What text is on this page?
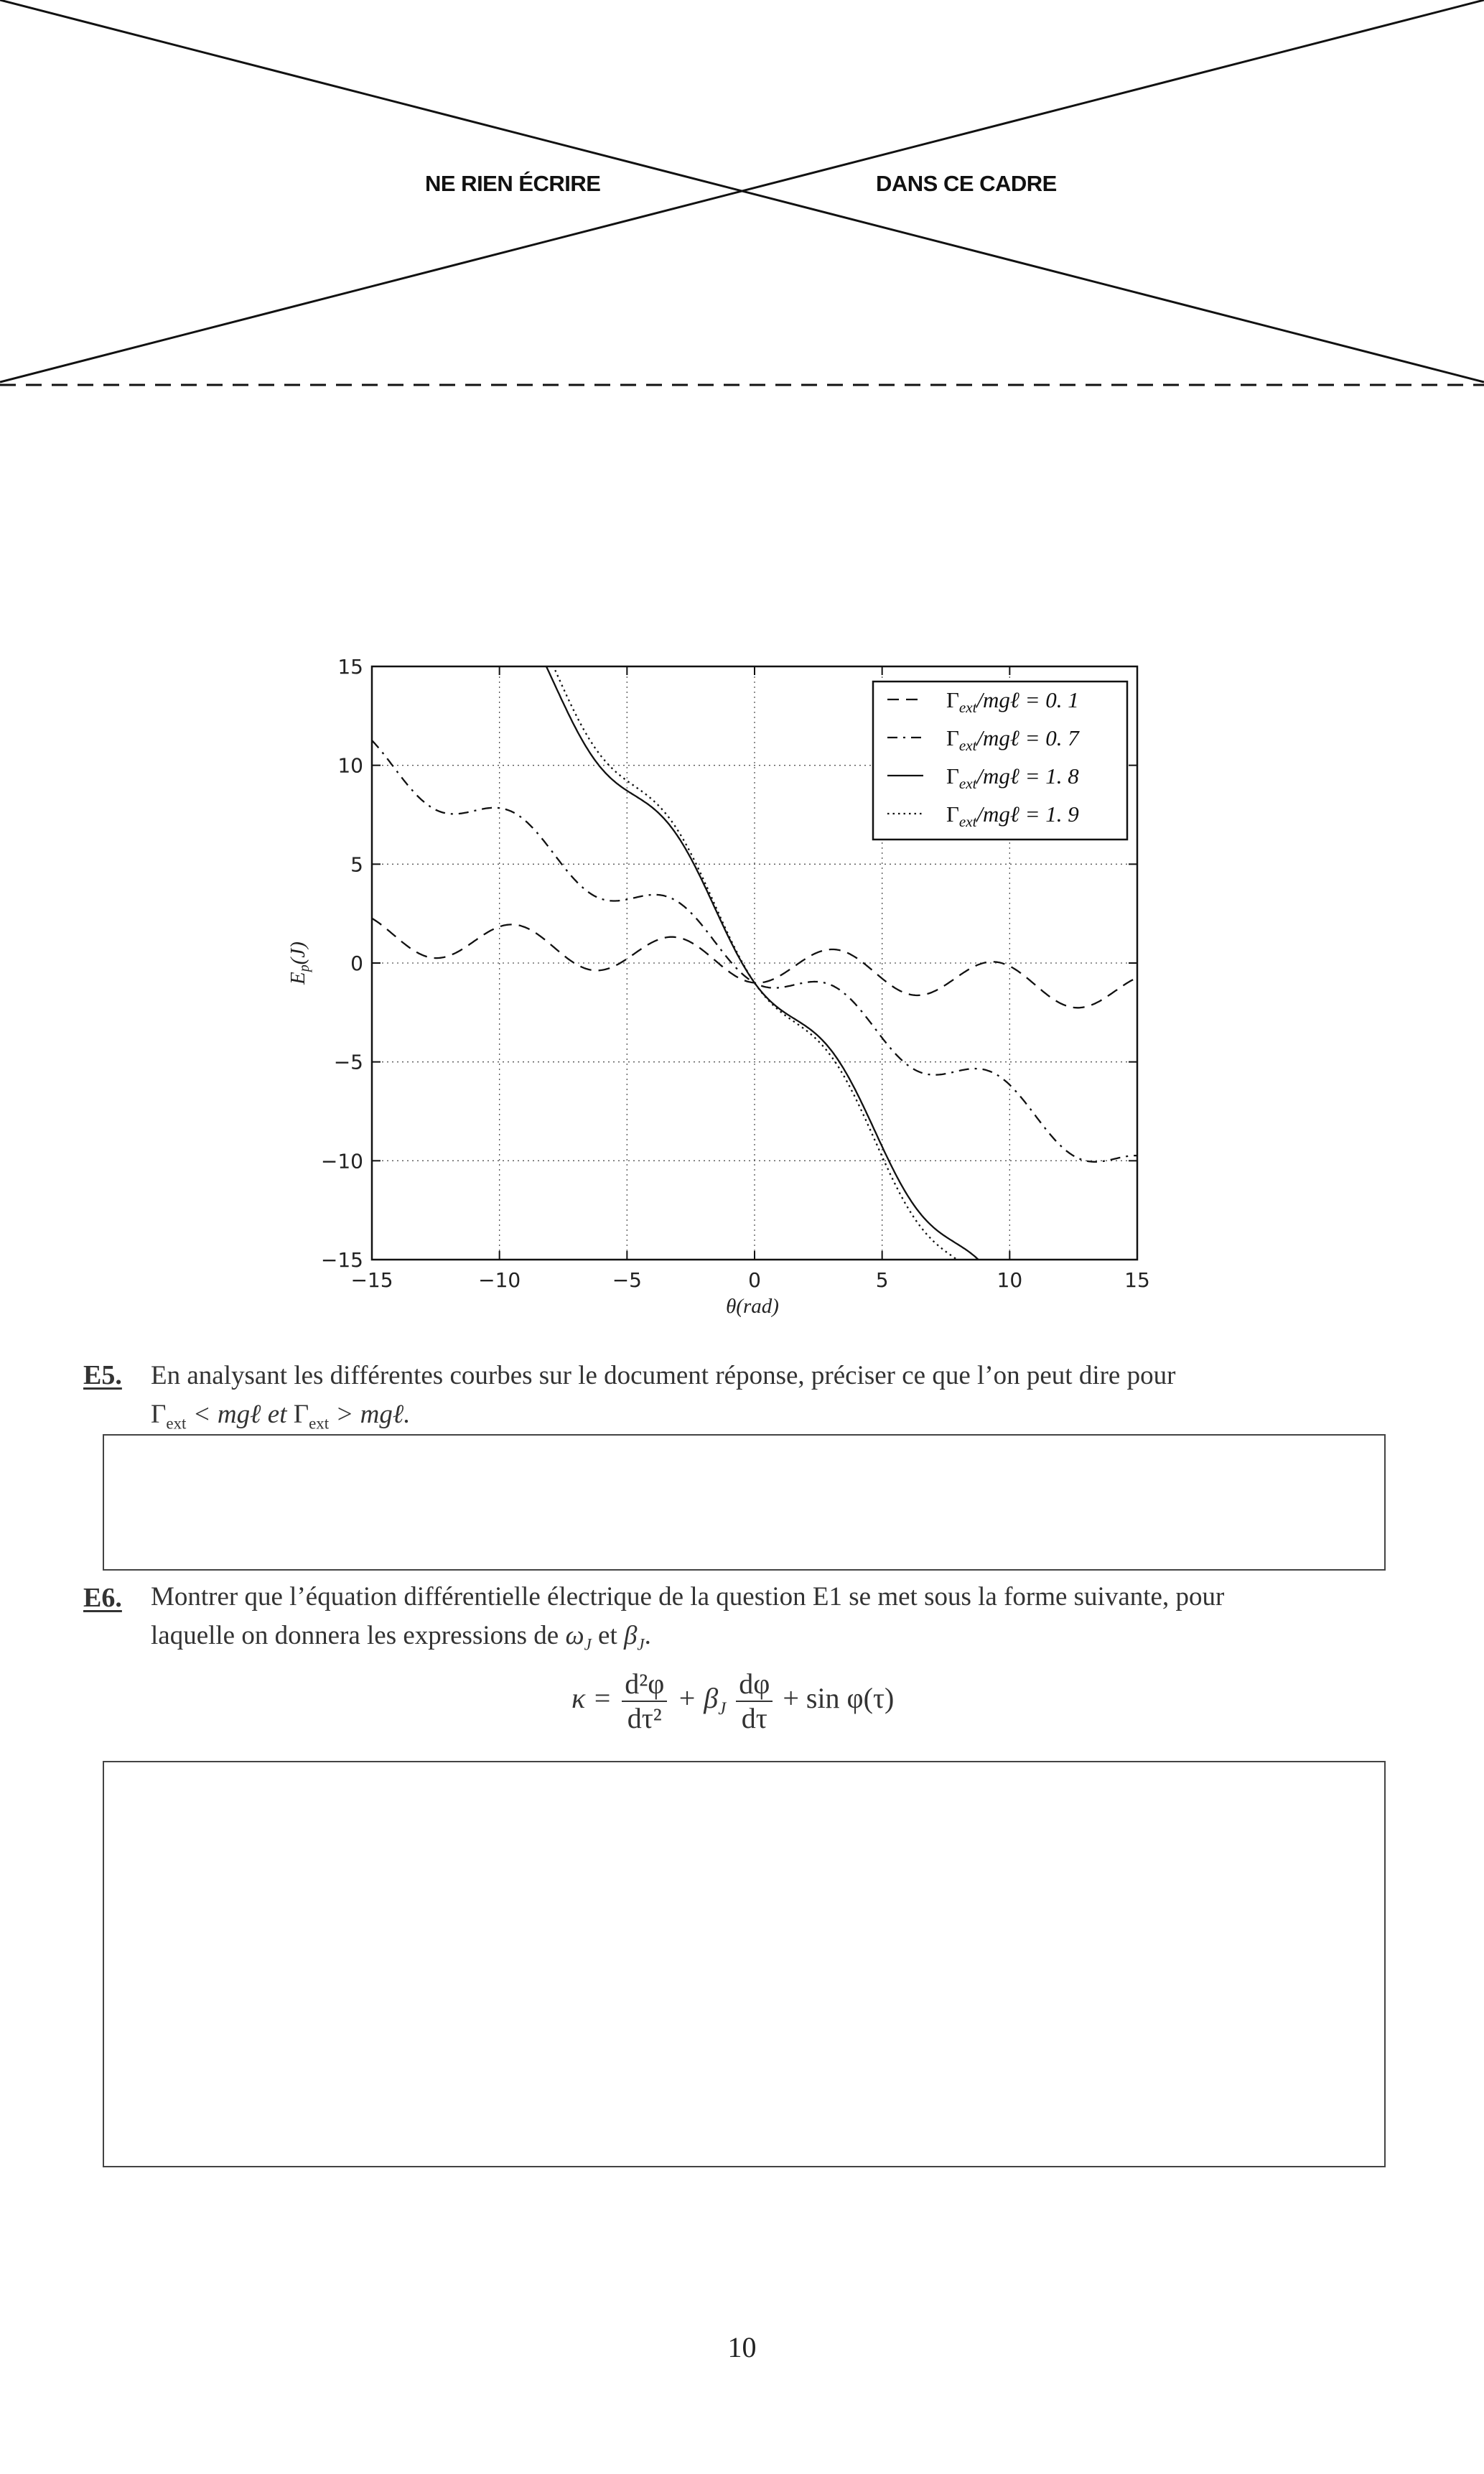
NE RIEN ÉCRIRE	DANS CE CADRE
−15	−10	−5	0	5	10	15
−15
−10
−5
0
5
10
15
$\Gamma_{ext}$/mgℓ = 0. 1
$\Gamma_{ext}$/mgℓ = 0. 7
$\Gamma_{ext}$/mgℓ = 1. 8
$\Gamma_{ext}$/mgℓ = 1. 9
θ(rad)
$E_p(J)$
E5. En analysant les différentes courbes sur le document réponse, préciser ce que l’on peut dire pour
$\Gamma_{ext}$ < mgℓ et $\Gamma_{ext}$ > mgℓ.
E6. Montrer que l’équation différentielle électrique de la question E1 se met sous la forme suivante, pour
laquelle on donnera les expressions de $\omega_J$ et $\beta_J$.
$\kappa = \frac{\text{d²φ}}{\text{dτ²}} + \beta_J \frac{d\varphi}{d\tau} + \sin \varphi(\tau)$
10
